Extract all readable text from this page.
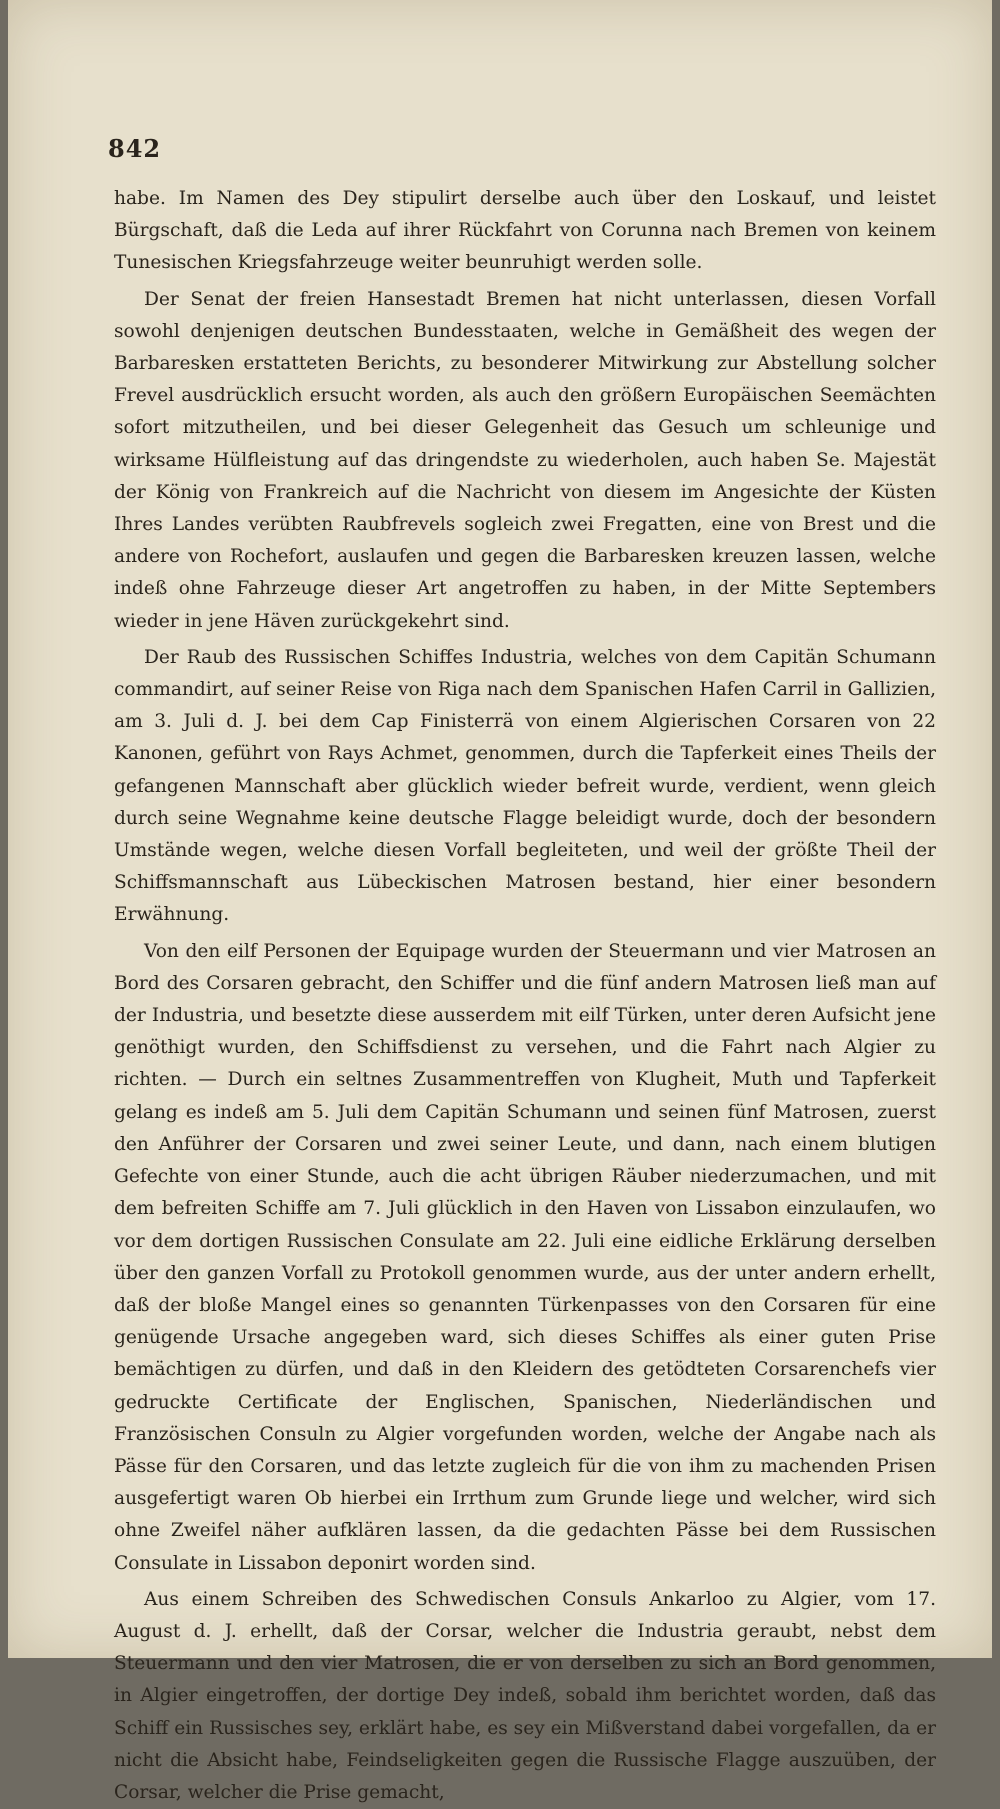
842

habe. Im Namen des Dey stipulirt derselbe auch über den Loskauf, und leistet Bürgschaft, daß die Leda auf ihrer Rückfahrt von Corunna nach Bremen von keinem Tunesischen Kriegsfahrzeuge weiter beunruhigt werden solle.

Der Senat der freien Hansestadt Bremen hat nicht unterlassen, diesen Vorfall sowohl denjenigen deutschen Bundesstaaten, welche in Gemäßheit des wegen der Barbaresken erstatteten Berichts, zu besonderer Mitwirkung zur Abstellung solcher Frevel ausdrücklich ersucht worden, als auch den größern Europäischen Seemächten sofort mitzutheilen, und bei dieser Gelegenheit das Gesuch um schleunige und wirksame Hülfleistung auf das dringendste zu wiederholen, auch haben Se. Majestät der König von Frankreich auf die Nachricht von diesem im Angesichte der Küsten Ihres Landes verübten Raubfrevels sogleich zwei Fregatten, eine von Brest und die andere von Rochefort, auslaufen und gegen die Barbaresken kreuzen lassen, welche indeß ohne Fahrzeuge dieser Art angetroffen zu haben, in der Mitte Septembers wieder in jene Häven zurückgekehrt sind.

Der Raub des Russischen Schiffes Industria, welches von dem Capitän Schumann commandirt, auf seiner Reise von Riga nach dem Spanischen Hafen Carril in Gallizien, am 3. Juli d. J. bei dem Cap Finisterrä von einem Algierischen Corsaren von 22 Kanonen, geführt von Rays Achmet, genommen, durch die Tapferkeit eines Theils der gefangenen Mannschaft aber glücklich wieder befreit wurde, verdient, wenn gleich durch seine Wegnahme keine deutsche Flagge beleidigt wurde, doch der besondern Umstände wegen, welche diesen Vorfall begleiteten, und weil der größte Theil der Schiffsmannschaft aus Lübeckischen Matrosen bestand, hier einer besondern Erwähnung.

Von den eilf Personen der Equipage wurden der Steuermann und vier Matrosen an Bord des Corsaren gebracht, den Schiffer und die fünf andern Matrosen ließ man auf der Industria, und besetzte diese ausserdem mit eilf Türken, unter deren Aufsicht jene genöthigt wurden, den Schiffsdienst zu versehen, und die Fahrt nach Algier zu richten. — Durch ein seltnes Zusammentreffen von Klugheit, Muth und Tapferkeit gelang es indeß am 5. Juli dem Capitän Schumann und seinen fünf Matrosen, zuerst den Anführer der Corsaren und zwei seiner Leute, und dann, nach einem blutigen Gefechte von einer Stunde, auch die acht übrigen Räuber niederzumachen, und mit dem befreiten Schiffe am 7. Juli glücklich in den Haven von Lissabon einzulaufen, wo vor dem dortigen Russischen Consulate am 22. Juli eine eidliche Erklärung derselben über den ganzen Vorfall zu Protokoll genommen wurde, aus der unter andern erhellt, daß der bloße Mangel eines so genannten Türkenpasses von den Corsaren für eine genügende Ursache angegeben ward, sich dieses Schiffes als einer guten Prise bemächtigen zu dürfen, und daß in den Kleidern des getödteten Corsarenchefs vier gedruckte Certificate der Englischen, Spanischen, Niederländischen und Französischen Consuln zu Algier vorgefunden worden, welche der Angabe nach als Pässe für den Corsaren, und das letzte zugleich für die von ihm zu machenden Prisen ausgefertigt waren Ob hierbei ein Irrthum zum Grunde liege und welcher, wird sich ohne Zweifel näher aufklären lassen, da die gedachten Pässe bei dem Russischen Consulate in Lissabon deponirt worden sind.

Aus einem Schreiben des Schwedischen Consuls Ankarloo zu Algier, vom 17. August d. J. erhellt, daß der Corsar, welcher die Industria geraubt, nebst dem Steuermann und den vier Matrosen, die er von derselben zu sich an Bord genommen, in Algier eingetroffen, der dortige Dey indeß, sobald ihm berichtet worden, daß das Schiff ein Russisches sey, erklärt habe, es sey ein Mißverstand dabei vorgefallen, da er nicht die Absicht habe, Feindseligkeiten gegen die Russische Flagge auszuüben, der Corsar, welcher die Prise gemacht,
